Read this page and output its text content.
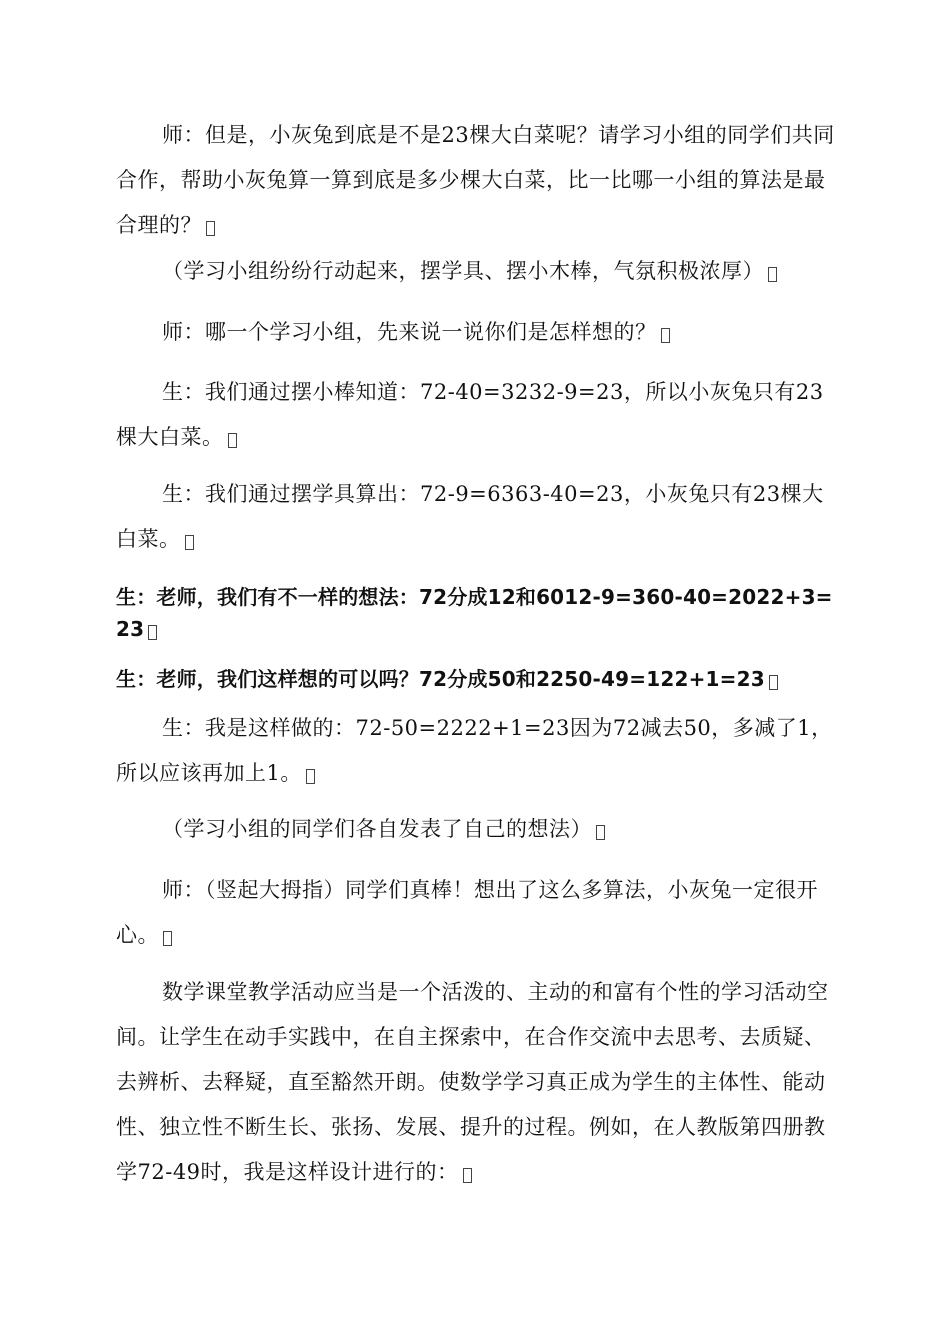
师：但是，小灰兔到底是不是23棵大白菜呢？请学习小组的同学们共同合作，帮助小灰兔算一算到底是多少棵大白菜，比一比哪一小组的算法是最合理的？

（学习小组纷纷行动起来，摆学具、摆小木棒，气氛积极浓厚）

师：哪一个学习小组，先来说一说你们是怎样想的？

生：我们通过摆小棒知道：72-40=3232-9=23，所以小灰兔只有23棵大白菜。

生：我们通过摆学具算出：72-9=6363-40=23，小灰兔只有23棵大白菜。

生：老师，我们有不一样的想法：72分成12和6012-9=360-40=2022+3=23

生：老师，我们这样想的可以吗？72分成50和2250-49=122+1=23

生：我是这样做的：72-50=2222+1=23因为72减去50，多减了1，所以应该再加上1。

（学习小组的同学们各自发表了自己的想法）

师：（竖起大拇指）同学们真棒！想出了这么多算法，小灰兔一定很开心。

数学课堂教学活动应当是一个活泼的、主动的和富有个性的学习活动空间。让学生在动手实践中，在自主探索中，在合作交流中去思考、去质疑、去辨析、去释疑，直至豁然开朗。使数学学习真正成为学生的主体性、能动性、独立性不断生长、张扬、发展、提升的过程。例如，在人教版第四册教学72-49时，我是这样设计进行的：
